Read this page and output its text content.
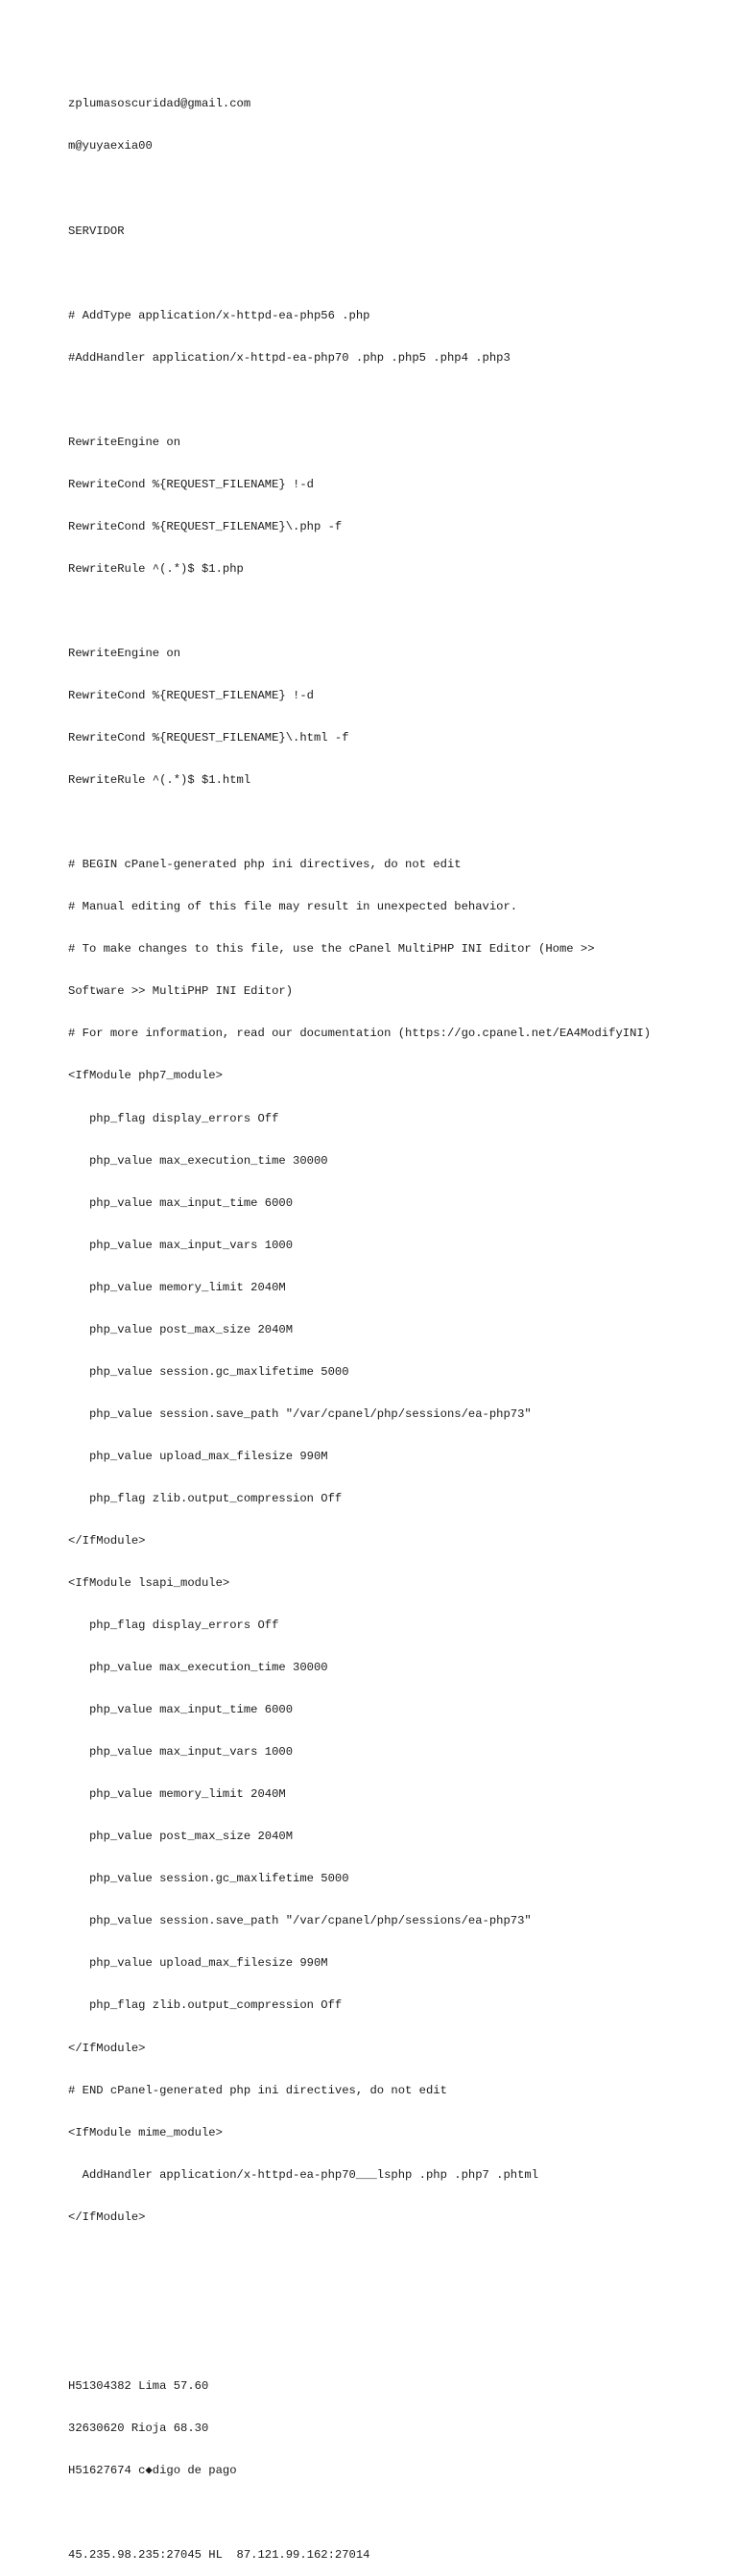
zplumasoscuridad@gmail.com

m@yuyaexia00

SERVIDOR

# AddType application/x-httpd-ea-php56 .php

#AddHandler application/x-httpd-ea-php70 .php .php5 .php4 .php3

RewriteEngine on

RewriteCond %{REQUEST_FILENAME} !-d

RewriteCond %{REQUEST_FILENAME}\.php -f

RewriteRule ^(.*)$ $1.php

RewriteEngine on

RewriteCond %{REQUEST_FILENAME} !-d

RewriteCond %{REQUEST_FILENAME}\.html -f

RewriteRule ^(.*)$ $1.html

# BEGIN cPanel-generated php ini directives, do not edit

# Manual editing of this file may result in unexpected behavior.

# To make changes to this file, use the cPanel MultiPHP INI Editor (Home >>

Software >> MultiPHP INI Editor)

# For more information, read our documentation (https://go.cpanel.net/EA4ModifyINI)

<IfModule php7_module>

php_flag display_errors Off

php_value max_execution_time 30000

php_value max_input_time 6000

php_value max_input_vars 1000

php_value memory_limit 2040M

php_value post_max_size 2040M

php_value session.gc_maxlifetime 5000

php_value session.save_path "/var/cpanel/php/sessions/ea-php73"

php_value upload_max_filesize 990M

php_flag zlib.output_compression Off

</IfModule>

<IfModule lsapi_module>

php_flag display_errors Off

php_value max_execution_time 30000

php_value max_input_time 6000

php_value max_input_vars 1000

php_value memory_limit 2040M

php_value post_max_size 2040M

php_value session.gc_maxlifetime 5000

php_value session.save_path "/var/cpanel/php/sessions/ea-php73"

php_value upload_max_filesize 990M

php_flag zlib.output_compression Off

</IfModule>

# END cPanel-generated php ini directives, do not edit

<IfModule mime_module>

AddHandler application/x-httpd-ea-php70___lsphp .php .php7 .phtml

</IfModule>

H51304382 Lima 57.60

32630620 Rioja 68.30

H51627674 c◆digo de pago

45.235.98.235:27045 HL  87.121.99.162:27014
